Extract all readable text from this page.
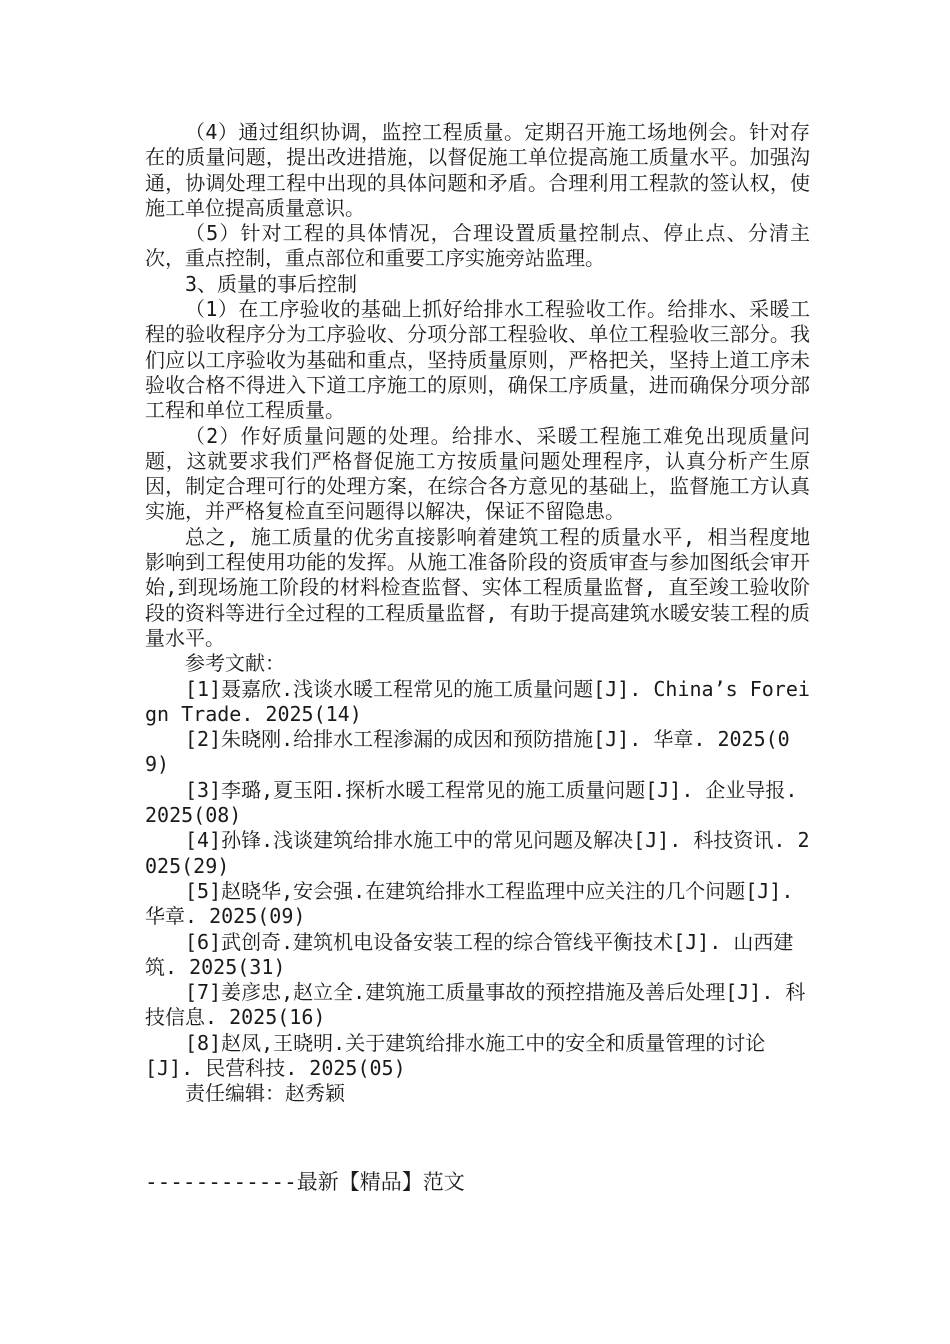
（4）通过组织协调，监控工程质量。定期召开施工场地例会。针对存在的质量问题，提出改进措施，以督促施工单位提高施工质量水平。加强沟通，协调处理工程中出现的具体问题和矛盾。合理利用工程款的签认权，使施工单位提高质量意识。

（5）针对工程的具体情况，合理设置质量控制点、停止点、分清主次，重点控制，重点部位和重要工序实施旁站监理。

3、质量的事后控制

（1）在工序验收的基础上抓好给排水工程验收工作。给排水、采暖工程的验收程序分为工序验收、分项分部工程验收、单位工程验收三部分。我们应以工序验收为基础和重点，坚持质量原则，严格把关，坚持上道工序未验收合格不得进入下道工序施工的原则，确保工序质量，进而确保分项分部工程和单位工程质量。

（2）作好质量问题的处理。给排水、采暖工程施工难免出现质量问题，这就要求我们严格督促施工方按质量问题处理程序，认真分析产生原因，制定合理可行的处理方案，在综合各方意见的基础上，监督施工方认真实施，并严格复检直至问题得以解决，保证不留隐患。

总之, 施工质量的优劣直接影响着建筑工程的质量水平, 相当程度地影响到工程使用功能的发挥。从施工准备阶段的资质审查与参加图纸会审开始,到现场施工阶段的材料检查监督、实体工程质量监督, 直至竣工验收阶段的资料等进行全过程的工程质量监督, 有助于提高建筑水暖安装工程的质量水平。

参考文献：

[1]聂嘉欣.浅谈水暖工程常见的施工质量问题[J]. China’s Foreign Trade. 2025(14)

[2]朱晓刚.给排水工程渗漏的成因和预防措施[J]. 华章. 2025(09)

[3]李璐,夏玉阳.探析水暖工程常见的施工质量问题[J]. 企业导报. 2025(08)

[4]孙锋.浅谈建筑给排水施工中的常见问题及解决[J]. 科技资讯. 2025(29)

[5]赵晓华,安会强.在建筑给排水工程监理中应关注的几个问题[J]. 华章. 2025(09)

[6]武创奇.建筑机电设备安装工程的综合管线平衡技术[J]. 山西建筑. 2025(31)

[7]姜彦忠,赵立全.建筑施工质量事故的预控措施及善后处理[J]. 科技信息. 2025(16)

[8]赵凤,王晓明.关于建筑给排水施工中的安全和质量管理的讨论[J]. 民营科技. 2025(05)

责任编辑：赵秀颖

------------最新【精品】范文
